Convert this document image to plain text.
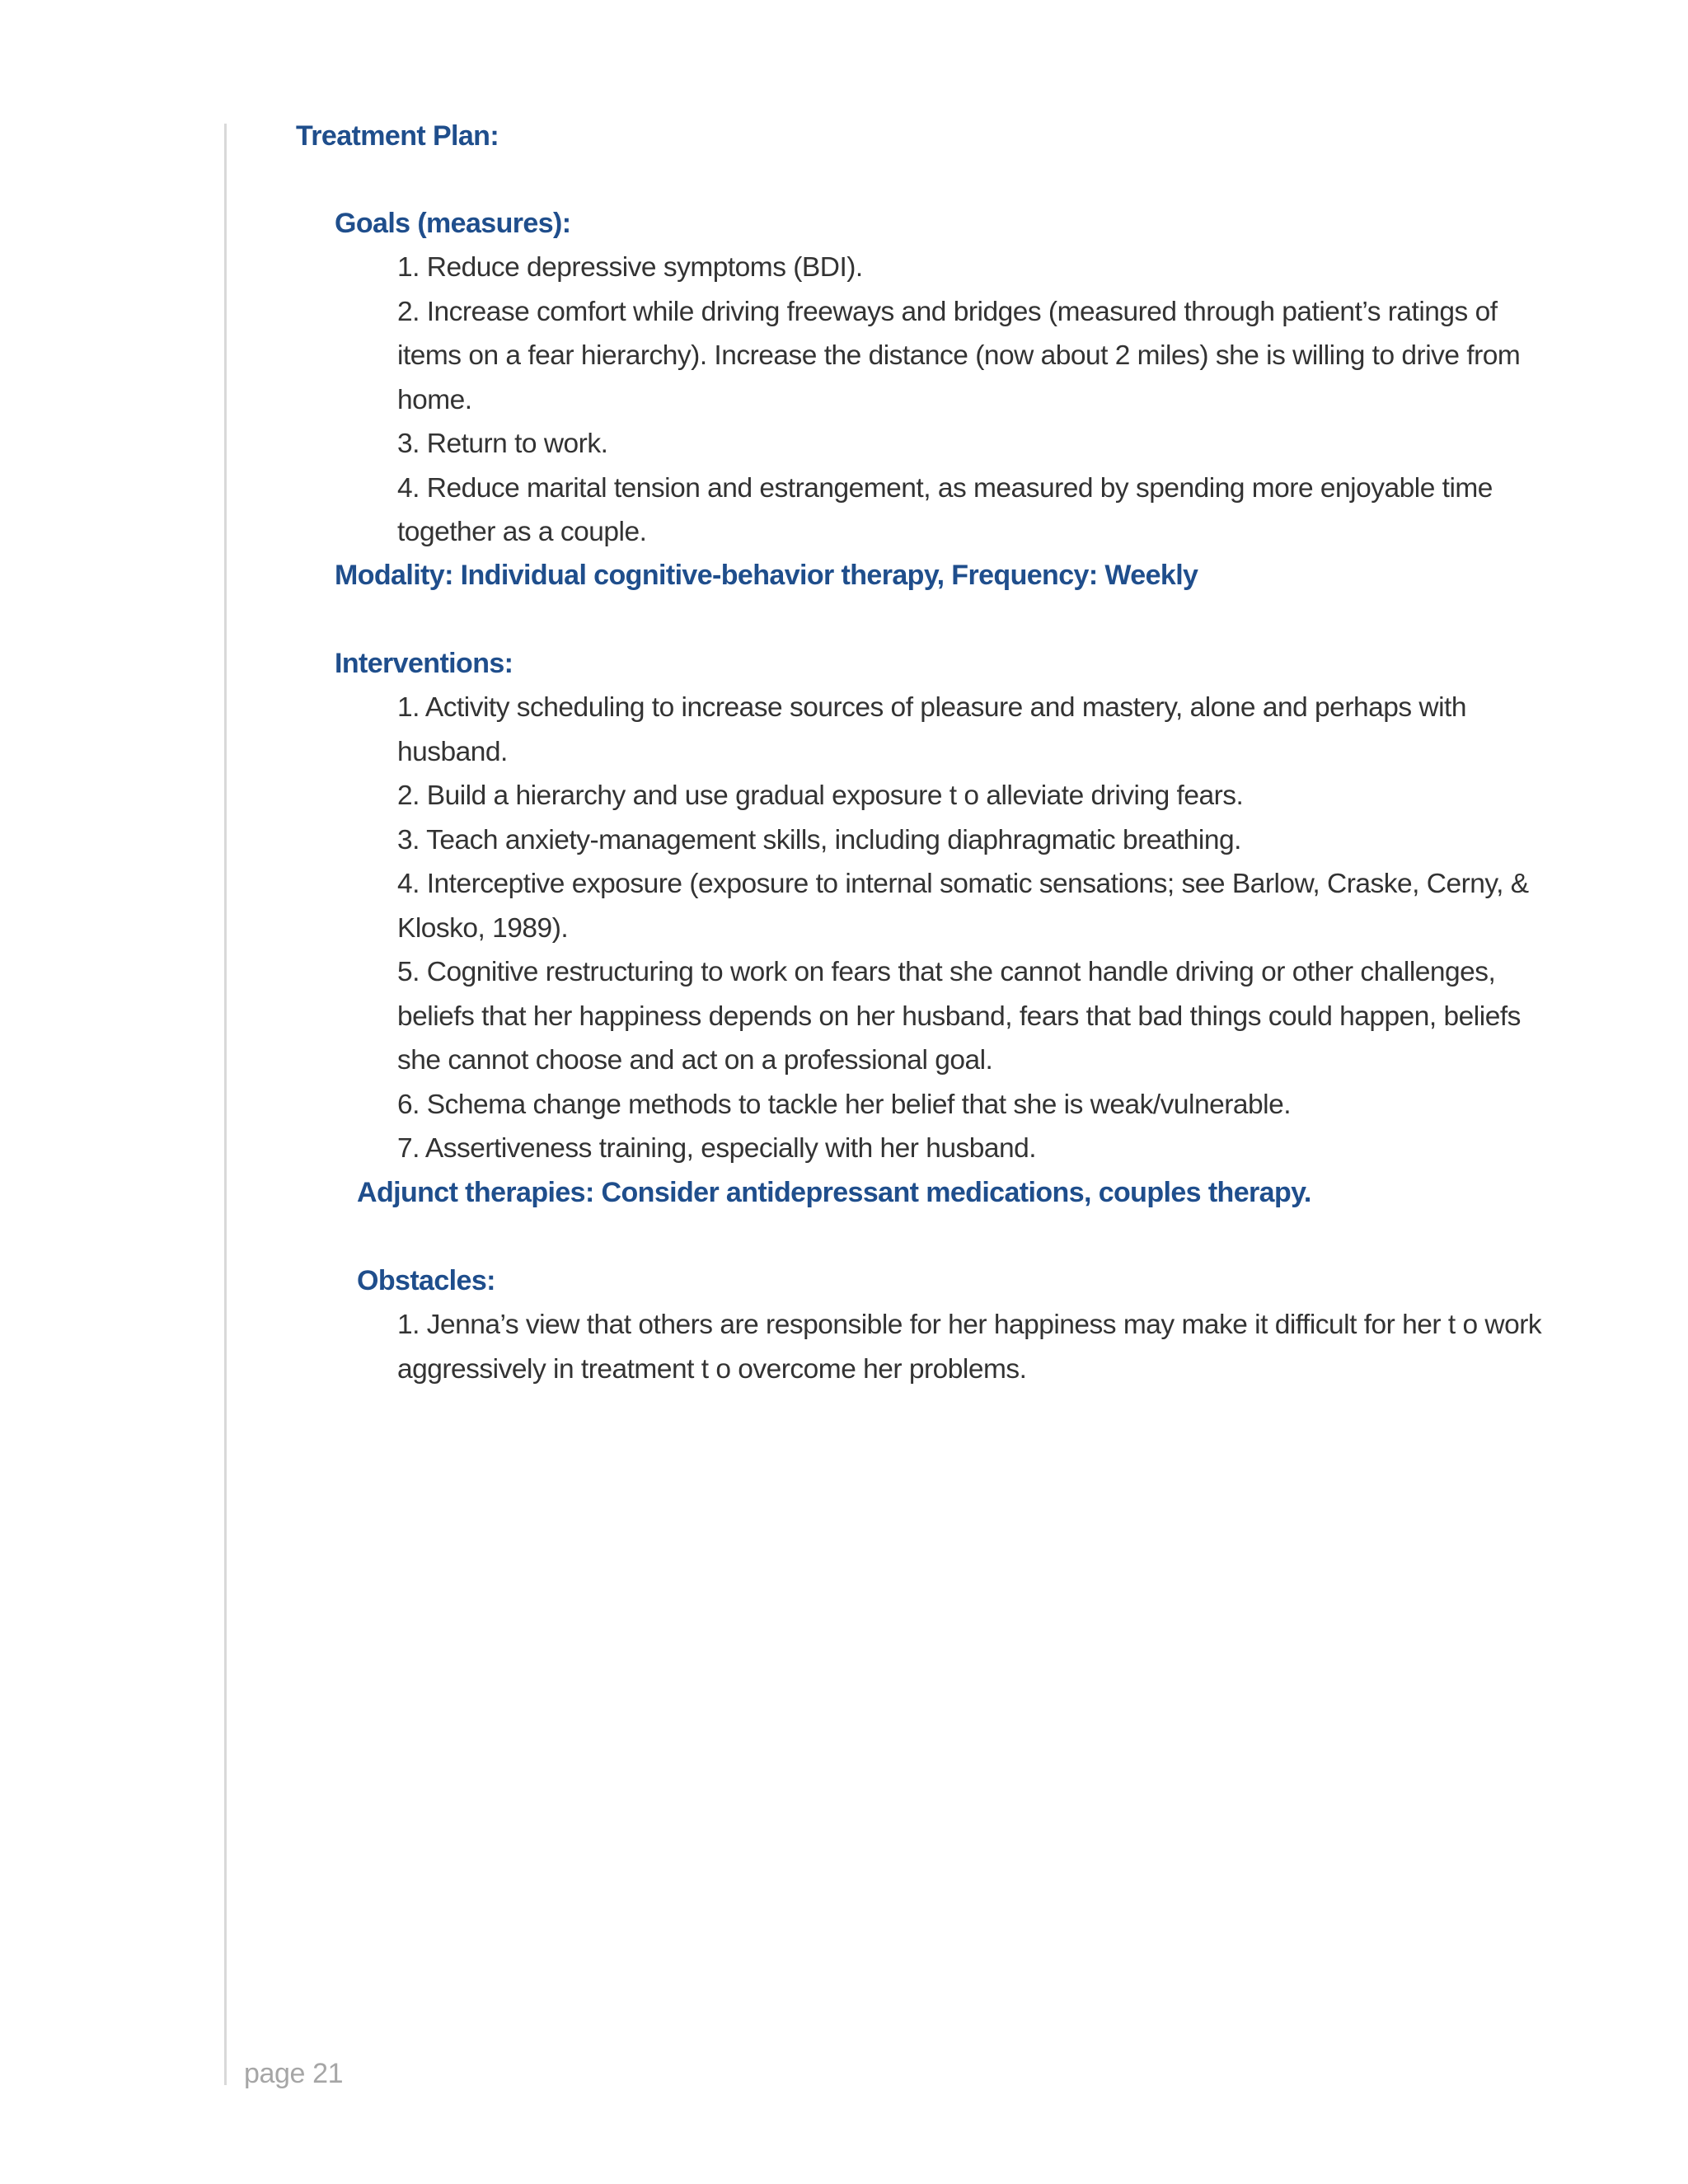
Treatment Plan:
Goals (measures):
1. Reduce depressive symptoms (BDI).
2. Increase comfort while driving freeways and bridges (measured through patient’s ratings of items on a fear hierarchy). Increase the distance (now about 2 miles) she is willing to drive from home.
3. Return to work.
4. Reduce marital tension and estrangement, as measured by spending more enjoyable time together as a couple.
Modality: Individual cognitive-behavior therapy, Frequency: Weekly
Interventions:
1. Activity scheduling to increase sources of pleasure and mastery, alone and perhaps with husband.
2. Build a hierarchy and use gradual exposure t o alleviate driving fears.
3. Teach anxiety-management skills, including diaphragmatic breathing.
4. Interceptive exposure (exposure to internal somatic sensations; see Barlow, Craske, Cerny, & Klosko, 1989).
5. Cognitive restructuring to work on fears that she cannot handle driving or other challenges, beliefs that her happiness depends on her husband, fears that bad things could happen, beliefs she cannot choose and act on a professional goal.
6. Schema change methods to tackle her belief that she is weak/vulnerable.
7. Assertiveness training, especially with her husband.
Adjunct therapies: Consider antidepressant medications, couples therapy.
Obstacles:
1. Jenna’s view that others are responsible for her happiness may make it difficult for her t o work aggressively in treatment t o overcome her problems.
page 21
